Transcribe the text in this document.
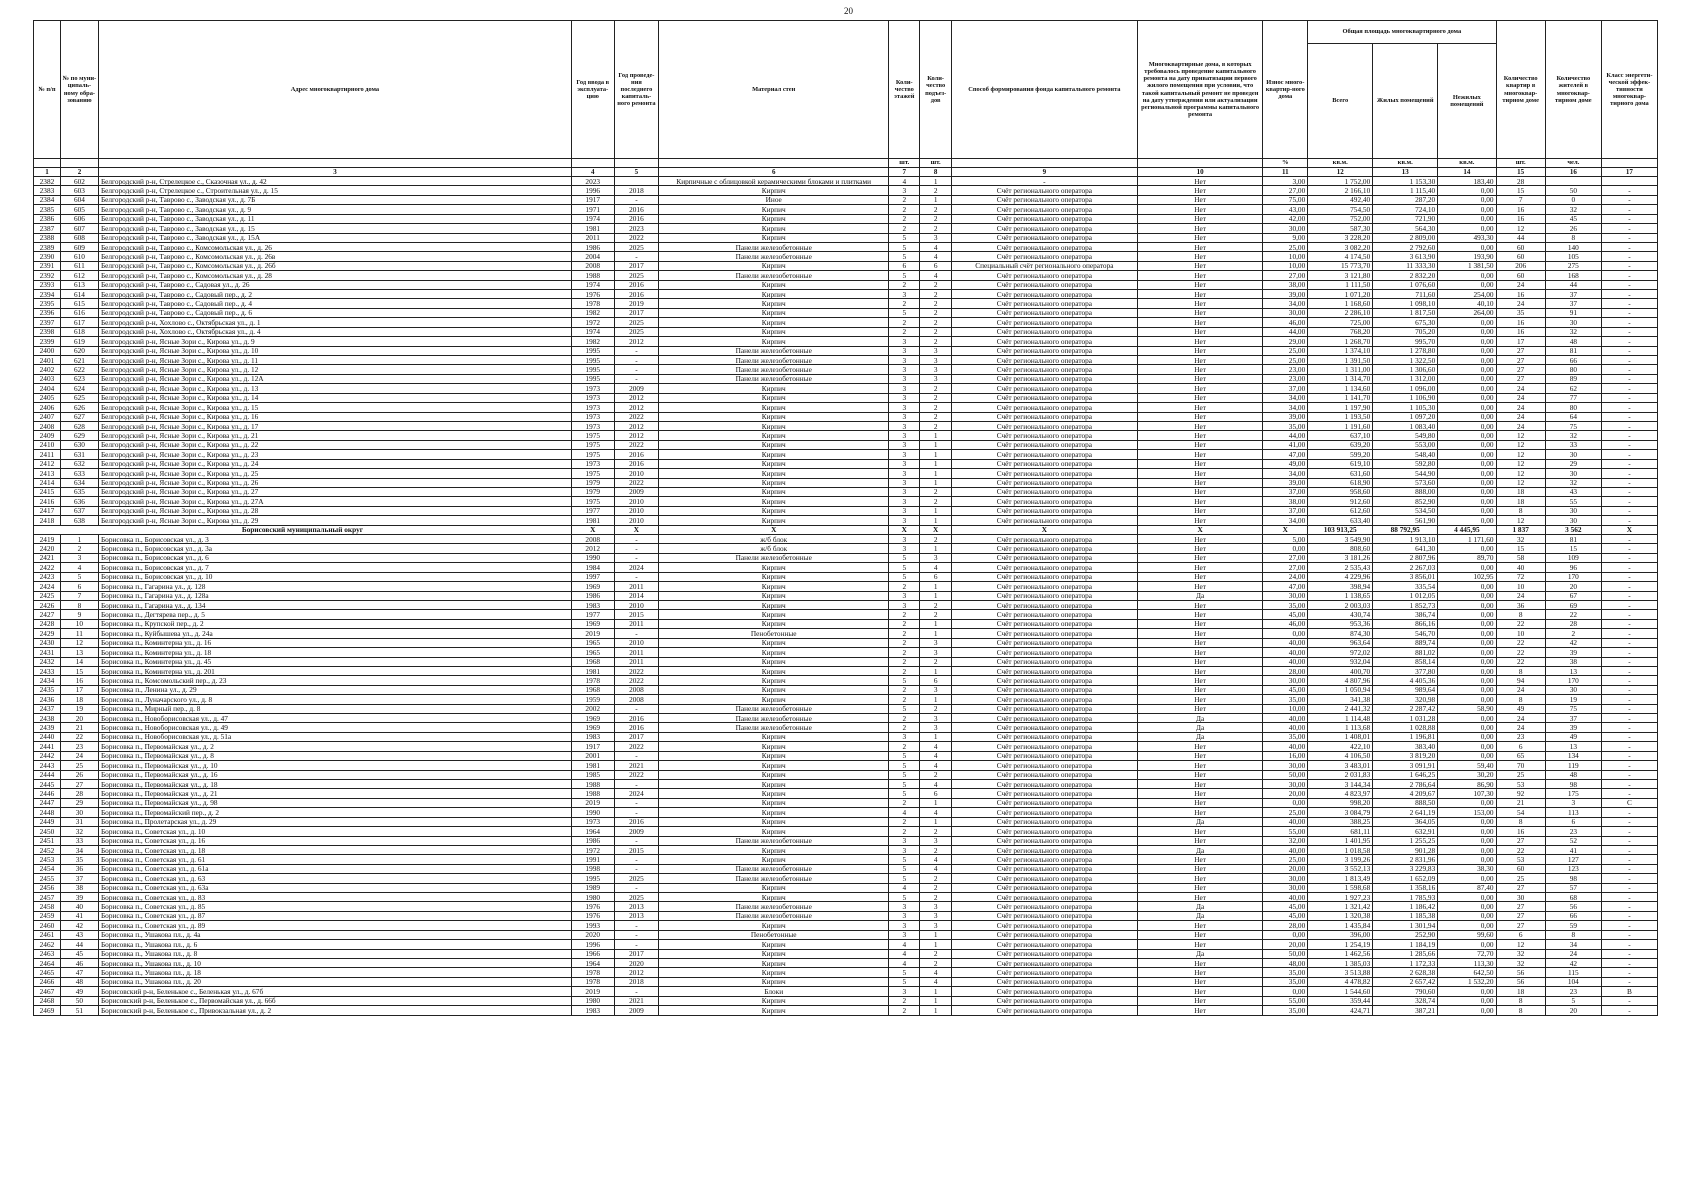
20
№ п/п	№ по муни-ципаль-ному обра-зованию	Адрес многоквартирного дома	Год ввода в эксплуата-цию	Год проведе-ния последнего капиталь-ного ремонта	Материал стен	Коли-чество этажей	Коли-чество подъез-дов	Способ формирования фонда капитального ремонта	Многоквартирные дома, в которых требовалось проведение капитального ремонта на дату приватизации первого жилого помещения при условии, что такой капитальный ремонт не проведен на дату утверждения или актуализации региональной программы капитального ремонта	Износ много-квартир-ного дома	Общая площадь многоквартирного дома			Количество квартир в многоквар-тирном доме	Количество жителей в многоквар-тирном доме	Класс энергети-ческой эффек-тивности многоквар-тирного дома
											Всего	Жилых помещений	Нежилых помещений			
						шт.	шт.			%	кв.м.	кв.м.	кв.м.	шт.	чел.	
1	2	3	4	5	6	7	8	9	10	11	12	13	14	15	16	17
2382	602	Белгородский р-н, Стрелецкое с., Сказочная ул., д. 42	2023		Кирпичные с облицовкой керамическими блоками и плитками	4	1	-	Нет	3,00	1 752,00	1 153,30	183,40	28		
2383	603	Белгородский р-н, Стрелецкое с., Строительная ул., д. 15	1996	2018	Кирпич	3	2	Счёт регионального оператора	Нет	27,00	2 166,10	1 115,40	0,00	15	50	-
2384	604	Белгородский р-н, Таврово с., Заводская ул., д. 7Б	1917	-	Иное	2	1	Счёт регионального оператора	Нет	75,00	492,40	287,20	0,00	7	0	-
2385	605	Белгородский р-н, Таврово с., Заводская ул., д. 9	1971	2016	Кирпич	2	2	Счёт регионального оператора	Нет	43,00	754,50	724,10	0,00	16	32	-
2386	606	Белгородский р-н, Таврово с., Заводская ул., д. 11	1974	2016	Кирпич	2	2	Счёт регионального оператора	Нет	42,00	752,00	721,90	0,00	16	45	-
2387	607	Белгородский р-н, Таврово с., Заводская ул., д. 15	1981	2023	Кирпич	2	2	Счёт регионального оператора	Нет	30,00	587,30	564,30	0,00	12	26	-
2388	608	Белгородский р-н, Таврово с., Заводская ул., д. 15А	2011	2022	Кирпич	5	3	Счёт регионального оператора	Нет	9,00	3 228,20	2 809,00	493,30	44	8	-
2389	609	Белгородский р-н, Таврово с., Комсомольская ул., д. 26	1986	2025	Панели железобетонные	5	4	Счёт регионального оператора	Нет	25,00	3 082,20	2 792,60	0,00	60	140	-
2390	610	Белгородский р-н, Таврово с., Комсомольская ул., д. 26в	2004	-	Панели железобетонные	5	4	Счёт регионального оператора	Нет	10,00	4 174,50	3 613,90	193,90	60	105	-
2391	611	Белгородский р-н, Таврово с., Комсомольская ул., д. 26б	2008	2017	Кирпич	6	6	Специальный счёт регионального оператора	Нет	10,00	15 773,70	11 333,30	1 381,50	206	275	-
2392	612	Белгородский р-н, Таврово с., Комсомольская ул., д. 28	1988	2025	Панели железобетонные	5	4	Счёт регионального оператора	Нет	27,00	3 121,80	2 832,20	0,00	60	168	-
2393	613	Белгородский р-н, Таврово с., Садовая ул., д. 26	1974	2016	Кирпич	2	2	Счёт регионального оператора	Нет	38,00	1 111,50	1 076,60	0,00	24	44	-
2394	614	Белгородский р-н, Таврово с., Садовый пер., д. 2	1976	2016	Кирпич	3	2	Счёт регионального оператора	Нет	39,00	1 071,20	711,60	254,00	16	37	-
2395	615	Белгородский р-н, Таврово с., Садовый пер., д. 4	1978	2019	Кирпич	2	2	Счёт регионального оператора	Нет	34,00	1 168,60	1 098,10	40,10	24	37	-
2396	616	Белгородский р-н, Таврово с., Садовый пер., д. 6	1982	2017	Кирпич	5	2	Счёт регионального оператора	Нет	30,00	2 286,10	1 817,50	264,00	35	91	-
2397	617	Белгородский р-н, Хохлово с., Октябрьская ул., д. 1	1972	2025	Кирпич	2	2	Счёт регионального оператора	Нет	46,00	725,00	675,30	0,00	16	30	-
2398	618	Белгородский р-н, Хохлово с., Октябрьская ул., д. 4	1974	2025	Кирпич	2	2	Счёт регионального оператора	Нет	44,00	768,20	705,20	0,00	16	32	-
2399	619	Белгородский р-н, Ясные Зори с., Кирова ул., д. 9	1982	2012	Кирпич	3	2	Счёт регионального оператора	Нет	29,00	1 268,70	995,70	0,00	17	48	-
2400	620	Белгородский р-н, Ясные Зори с., Кирова ул., д. 10	1995	-	Панели железобетонные	3	3	Счёт регионального оператора	Нет	25,00	1 374,10	1 278,80	0,00	27	81	-
2401	621	Белгородский р-н, Ясные Зори с., Кирова ул., д. 11	1995	-	Панели железобетонные	3	3	Счёт регионального оператора	Нет	25,00	1 391,50	1 322,50	0,00	27	66	-
2402	622	Белгородский р-н, Ясные Зори с., Кирова ул., д. 12	1995	-	Панели железобетонные	3	3	Счёт регионального оператора	Нет	23,00	1 311,00	1 306,60	0,00	27	80	-
2403	623	Белгородский р-н, Ясные Зори с., Кирова ул., д. 12А	1995	-	Панели железобетонные	3	3	Счёт регионального оператора	Нет	23,00	1 314,70	1 312,00	0,00	27	89	-
2404	624	Белгородский р-н, Ясные Зори с., Кирова ул., д. 13	1973	2009	Кирпич	3	2	Счёт регионального оператора	Нет	37,00	1 134,60	1 096,00	0,00	24	62	-
2405	625	Белгородский р-н, Ясные Зори с., Кирова ул., д. 14	1973	2012	Кирпич	3	2	Счёт регионального оператора	Нет	34,00	1 141,70	1 106,90	0,00	24	77	-
2406	626	Белгородский р-н, Ясные Зори с., Кирова ул., д. 15	1973	2012	Кирпич	3	2	Счёт регионального оператора	Нет	34,00	1 197,90	1 105,30	0,00	24	80	-
2407	627	Белгородский р-н, Ясные Зори с., Кирова ул., д. 16	1973	2022	Кирпич	3	2	Счёт регионального оператора	Нет	39,00	1 193,50	1 097,20	0,00	24	64	-
2408	628	Белгородский р-н, Ясные Зори с., Кирова ул., д. 17	1973	2012	Кирпич	3	2	Счёт регионального оператора	Нет	35,00	1 191,60	1 083,40	0,00	24	75	-
2409	629	Белгородский р-н, Ясные Зори с., Кирова ул., д. 21	1975	2012	Кирпич	3	1	Счёт регионального оператора	Нет	44,00	637,10	549,80	0,00	12	32	-
2410	630	Белгородский р-н, Ясные Зори с., Кирова ул., д. 22	1975	2022	Кирпич	3	1	Счёт регионального оператора	Нет	41,00	639,20	553,00	0,00	12	33	-
2411	631	Белгородский р-н, Ясные Зори с., Кирова ул., д. 23	1975	2016	Кирпич	3	1	Счёт регионального оператора	Нет	47,00	599,20	548,40	0,00	12	30	-
2412	632	Белгородский р-н, Ясные Зори с., Кирова ул., д. 24	1973	2016	Кирпич	3	1	Счёт регионального оператора	Нет	49,00	619,10	592,80	0,00	12	29	-
2413	633	Белгородский р-н, Ясные Зори с., Кирова ул., д. 25	1975	2010	Кирпич	3	1	Счёт регионального оператора	Нет	34,00	631,60	544,90	0,00	12	30	-
2414	634	Белгородский р-н, Ясные Зори с., Кирова ул., д. 26	1979	2022	Кирпич	3	1	Счёт регионального оператора	Нет	39,00	618,90	573,60	0,00	12	32	-
2415	635	Белгородский р-н, Ясные Зори с., Кирова ул., д. 27	1979	2009	Кирпич	3	2	Счёт регионального оператора	Нет	37,00	958,60	888,00	0,00	18	43	-
2416	636	Белгородский р-н, Ясные Зори с., Кирова ул., д. 27А	1975	2010	Кирпич	3	2	Счёт регионального оператора	Нет	38,00	912,60	852,90	0,00	18	55	-
2417	637	Белгородский р-н, Ясные Зори с., Кирова ул., д. 28	1977	2010	Кирпич	3	1	Счёт регионального оператора	Нет	37,00	612,60	534,50	0,00	8	30	-
2418	638	Белгородский р-н, Ясные Зори с., Кирова ул., д. 29	1981	2010	Кирпич	3	1	Счёт регионального оператора	Нет	34,00	633,40	561,90	0,00	12	30	-
Борисовский муниципальный округ			X	X	X	X	X	X	X	X	103 913,25	88 792,95	4 445,95	1 837	3 562	X
2419	1	Борисовка п., Борисовская ул., д. 3	2008	-	ж/б блок	3	2	Счёт регионального оператора	Нет	5,00	3 549,90	1 913,10	1 171,60	32	81	-
2420	2	Борисовка п., Борисовская ул., д. 3а	2012	-	ж/б блок	3	1	Счёт регионального оператора	Нет	0,00	808,60	641,30	0,00	15	15	-
2421	3	Борисовка п., Борисовская ул., д. 6	1990	-	Панели железобетонные	5	3	Счёт регионального оператора	Нет	27,00	3 181,26	2 807,96	89,70	58	109	-
2422	4	Борисовка п., Борисовская ул., д. 7	1984	2024	Кирпич	5	4	Счёт регионального оператора	Нет	27,00	2 535,43	2 267,03	0,00	40	96	-
2423	5	Борисовка п., Борисовская ул., д. 10	1997	-	Кирпич	5	6	Счёт регионального оператора	Нет	24,00	4 229,96	3 856,01	102,95	72	170	-
2424	6	Борисовка п., Гагарина ул., д. 128	1969	2011	Кирпич	2	1	Счёт регионального оператора	Нет	47,00	398,94	335,54	0,00	10	20	-
2425	7	Борисовка п., Гагарина ул., д. 128а	1986	2014	Кирпич	3	1	Счёт регионального оператора	Да	30,00	1 138,65	1 012,05	0,00	24	67	-
2426	8	Борисовка п., Гагарина ул., д. 134	1983	2010	Кирпич	3	2	Счёт регионального оператора	Нет	35,00	2 003,03	1 852,73	0,00	36	69	-
2427	9	Борисовка п., Дегтярева пер., д. 5	1977	2015	Кирпич	2	2	Счёт регионального оператора	Нет	45,00	430,74	386,74	0,00	8	22	-
2428	10	Борисовка п., Крупской пер., д. 2	1969	2011	Кирпич	2	1	Счёт регионального оператора	Нет	46,00	953,36	866,16	0,00	22	28	-
2429	11	Борисовка п., Куйбышева ул., д. 24а	2019	-	Пенобетонные	2	1	Счёт регионального оператора	Нет	0,00	874,30	546,70	0,00	10	2	-
2430	12	Борисовка п., Коминтерна ул., д. 16	1965	2010	Кирпич	2	3	Счёт регионального оператора	Нет	40,00	963,64	889,74	0,00	22	42	-
2431	13	Борисовка п., Коминтерна ул., д. 18	1965	2011	Кирпич	2	3	Счёт регионального оператора	Нет	40,00	972,02	881,02	0,00	22	39	-
2432	14	Борисовка п., Коминтерна ул., д. 45	1968	2011	Кирпич	2	2	Счёт регионального оператора	Нет	40,00	932,04	858,14	0,00	22	38	-
2433	15	Борисовка п., Коминтерна ул., д. 201	1981	2022	Кирпич	2	1	Счёт регионального оператора	Нет	28,00	400,70	377,80	0,00	8	13	-
2434	16	Борисовка п., Комсомольский пер., д. 23	1978	2022	Кирпич	5	6	Счёт регионального оператора	Нет	30,00	4 807,96	4 405,36	0,00	94	170	-
2435	17	Борисовка п., Ленина ул., д. 29	1968	2008	Кирпич	2	3	Счёт регионального оператора	Нет	45,00	1 050,94	989,64	0,00	24	30	-
2436	18	Борисовка п., Луначарского ул., д. 8	1959	2008	Кирпич	2	1	Счёт регионального оператора	Нет	35,00	341,38	320,98	0,00	8	19	-
2437	19	Борисовка п., Мирный пер., д. 8	2002	-	Панели железобетонные	5	2	Счёт регионального оператора	Нет	10,00	2 441,32	2 287,42	58,90	49	75	-
2438	20	Борисовка п., Новоборисовская ул., д. 47	1969	2016	Панели железобетонные	2	3	Счёт регионального оператора	Да	40,00	1 114,48	1 031,28	0,00	24	37	-
2439	21	Борисовка п., Новоборисовская ул., д. 49	1969	2016	Панели железобетонные	2	3	Счёт регионального оператора	Да	40,00	1 113,68	1 028,88	0,00	24	39	-
2440	22	Борисовка п., Новоборисовская ул., д. 51а	1983	2017	Кирпич	3	1	Счёт регионального оператора	Да	35,00	1 408,01	1 196,81	0,00	23	49	-
2441	23	Борисовка п., Первомайская ул., д. 2	1917	2022	Кирпич	2	4	Счёт регионального оператора	Нет	40,00	422,10	383,40	0,00	6	13	-
2442	24	Борисовка п., Первомайская ул., д. 8	2001	-	Кирпич	5	4	Счёт регионального оператора	Нет	16,00	4 106,50	3 819,20	0,00	65	134	-
2443	25	Борисовка п., Первомайская ул., д. 10	1981	2021	Кирпич	5	4	Счёт регионального оператора	Нет	30,00	3 483,01	3 091,91	59,40	70	119	-
2444	26	Борисовка п., Первомайская ул., д. 16	1985	2022	Кирпич	5	2	Счёт регионального оператора	Нет	50,00	2 031,83	1 646,25	30,20	25	48	-
2445	27	Борисовка п., Первомайская ул., д. 18	1988	-	Кирпич	5	4	Счёт регионального оператора	Нет	30,00	3 144,34	2 786,64	86,90	53	98	-
2446	28	Борисовка п., Первомайская ул., д. 21	1988	2024	Кирпич	5	6	Счёт регионального оператора	Нет	20,00	4 823,97	4 209,67	107,30	92	175	-
2447	29	Борисовка п., Первомайская ул., д. 98	2019	-	Кирпич	2	1	Счёт регионального оператора	Нет	0,00	998,20	888,50	0,00	21	3	С
2448	30	Борисовка п., Первомайский пер., д. 2	1990	-	Кирпич	4	4	Счёт регионального оператора	Нет	25,00	3 084,79	2 641,19	153,00	54	113	-
2449	31	Борисовка п., Пролетарская ул., д. 29	1973	2016	Кирпич	2	1	Счёт регионального оператора	Да	40,00	388,25	364,05	0,00	8	6	-
2450	32	Борисовка п., Советская ул., д. 10	1964	2009	Кирпич	2	2	Счёт регионального оператора	Нет	55,00	681,11	632,91	0,00	16	23	-
2451	33	Борисовка п., Советская ул., д. 16	1986	-	Панели железобетонные	3	3	Счёт регионального оператора	Нет	32,00	1 401,95	1 255,25	0,00	27	52	-
2452	34	Борисовка п., Советская ул., д. 18	1972	2015	Кирпич	3	2	Счёт регионального оператора	Да	40,00	1 018,58	901,28	0,00	22	41	-
2453	35	Борисовка п., Советская ул., д. 61	1991	-	Кирпич	5	4	Счёт регионального оператора	Нет	25,00	3 199,26	2 831,96	0,00	53	127	-
2454	36	Борисовка п., Советская ул., д. 61а	1998	-	Панели железобетонные	5	4	Счёт регионального оператора	Нет	20,00	3 552,13	3 229,83	38,30	60	123	-
2455	37	Борисовка п., Советская ул., д. 63	1995	2025	Панели железобетонные	5	2	Счёт регионального оператора	Нет	30,00	1 813,49	1 652,09	0,00	25	98	-
2456	38	Борисовка п., Советская ул., д. 63а	1989	-	Кирпич	4	2	Счёт регионального оператора	Нет	30,00	1 598,68	1 358,16	87,40	27	57	-
2457	39	Борисовка п., Советская ул., д. 83	1980	2025	Кирпич	5	2	Счёт регионального оператора	Нет	40,00	1 927,23	1 785,93	0,00	30	68	-
2458	40	Борисовка п., Советская ул., д. 85	1976	2013	Панели железобетонные	3	3	Счёт регионального оператора	Да	45,00	1 321,42	1 186,42	0,00	27	56	-
2459	41	Борисовка п., Советская ул., д. 87	1976	2013	Панели железобетонные	3	3	Счёт регионального оператора	Да	45,00	1 320,38	1 185,38	0,00	27	66	-
2460	42	Борисовка п., Советская ул., д. 89	1993	-	Кирпич	3	3	Счёт регионального оператора	Нет	28,00	1 435,84	1 301,94	0,00	27	59	-
2461	43	Борисовка п., Ушакова пл., д. 4а	2020	-	Пенобетонные	3	1	Счёт регионального оператора	Нет	0,00	396,00	252,90	99,60	6	8	-
2462	44	Борисовка п., Ушакова пл., д. 6	1996	-	Кирпич	4	1	Счёт регионального оператора	Нет	20,00	1 254,19	1 184,19	0,00	12	34	-
2463	45	Борисовка п., Ушакова пл., д. 8	1966	2017	Кирпич	4	2	Счёт регионального оператора	Да	50,00	1 462,56	1 285,66	72,70	32	24	-
2464	46	Борисовка п., Ушакова пл., д. 10	1964	2020	Кирпич	4	2	Счёт регионального оператора	Нет	48,00	1 385,03	1 172,33	113,30	32	42	-
2465	47	Борисовка п., Ушакова пл., д. 18	1978	2012	Кирпич	5	4	Счёт регионального оператора	Нет	35,00	3 513,88	2 628,38	642,50	56	115	-
2466	48	Борисовка п., Ушакова пл., д. 20	1978	2018	Кирпич	5	4	Счёт регионального оператора	Нет	35,00	4 478,82	2 657,42	1 532,20	56	104	-
2467	49	Борисовский р-н, Беленькое с., Беленькая ул., д. 67б	2019	-	Блоки	3	1	Счёт регионального оператора	Нет	0,00	1 544,60	790,60	0,00	18	23	В
2468	50	Борисовский р-н, Беленькое с., Первомайская ул., д. 66б	1980	2021	Кирпич	2	1	Счёт регионального оператора	Нет	55,00	359,44	328,74	0,00	8	5	-
2469	51	Борисовский р-н, Беленькое с., Привокзальная ул., д. 2	1983	2009	Кирпич	2	1	Счёт регионального оператора	Нет	35,00	424,71	387,21	0,00	8	20	-
